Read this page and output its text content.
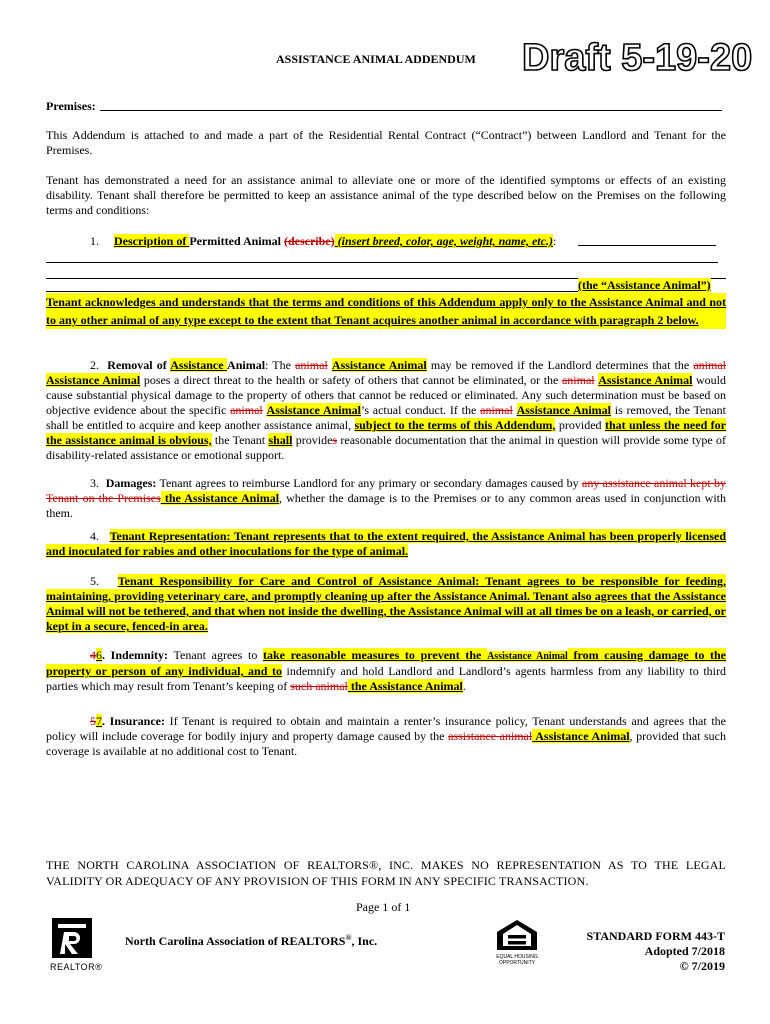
ASSISTANCE ANIMAL ADDENDUM Draft 5-19-20
Premises:
This Addendum is attached to and made a part of the Residential Rental Contract (“Contract”) between Landlord and Tenant for the Premises.
Tenant has demonstrated a need for an assistance animal to alleviate one or more of the identified symptoms or effects of an existing disability. Tenant shall therefore be permitted to keep an assistance animal of the type described below on the Premises on the following terms and conditions:
1. Description of Permitted Animal (describe) (insert breed, color, age, weight, name, etc.):
(the “Assistance Animal”)
Tenant acknowledges and understands that the terms and conditions of this Addendum apply only to the Assistance Animal and not to any other animal of any type except to the extent that Tenant acquires another animal in accordance with paragraph 2 below.
2. Removal of Assistance Animal: The animal Assistance Animal may be removed if the Landlord determines that the animal Assistance Animal poses a direct threat to the health or safety of others that cannot be eliminated, or the animal Assistance Animal would cause substantial physical damage to the property of others that cannot be reduced or eliminated. Any such determination must be based on objective evidence about the specific animal Assistance Animal’s actual conduct. If the animal Assistance Animal is removed, the Tenant shall be entitled to acquire and keep another assistance animal, subject to the terms of this Addendum, provided that unless the need for the assistance animal is obvious, the Tenant shall provides reasonable documentation that the animal in question will provide some type of disability-related assistance or emotional support.
3. Damages: Tenant agrees to reimburse Landlord for any primary or secondary damages caused by any assistance animal kept by Tenant on the Premises the Assistance Animal, whether the damage is to the Premises or to any common areas used in conjunction with them.
4. Tenant Representation: Tenant represents that to the extent required, the Assistance Animal has been properly licensed and inoculated for rabies and other inoculations for the type of animal.
5. Tenant Responsibility for Care and Control of Assistance Animal: Tenant agrees to be responsible for feeding, maintaining, providing veterinary care, and promptly cleaning up after the Assistance Animal. Tenant also agrees that the Assistance Animal will not be tethered, and that when not inside the dwelling, the Assistance Animal will at all times be on a leash, or carried, or kept in a secure, fenced-in area.
46. Indemnity: Tenant agrees to take reasonable measures to prevent the Assistance Animal from causing damage to the property or person of any individual, and to indemnify and hold Landlord and Landlord’s agents harmless from any liability to third parties which may result from Tenant’s keeping of such animal the Assistance Animal.
57. Insurance: If Tenant is required to obtain and maintain a renter’s insurance policy, Tenant understands and agrees that the policy will include coverage for bodily injury and property damage caused by the assistance animal Assistance Animal, provided that such coverage is available at no additional cost to Tenant.
THE NORTH CAROLINA ASSOCIATION OF REALTORS®, INC. MAKES NO REPRESENTATION AS TO THE LEGAL VALIDITY OR ADEQUACY OF ANY PROVISION OF THIS FORM IN ANY SPECIFIC TRANSACTION.
Page 1 of 1
REALTOR®
North Carolina Association of REALTORS®, Inc.
EQUAL HOUSING
OPPORTUNITY
STANDARD FORM 443-T
Adopted 7/2018
© 7/2019
